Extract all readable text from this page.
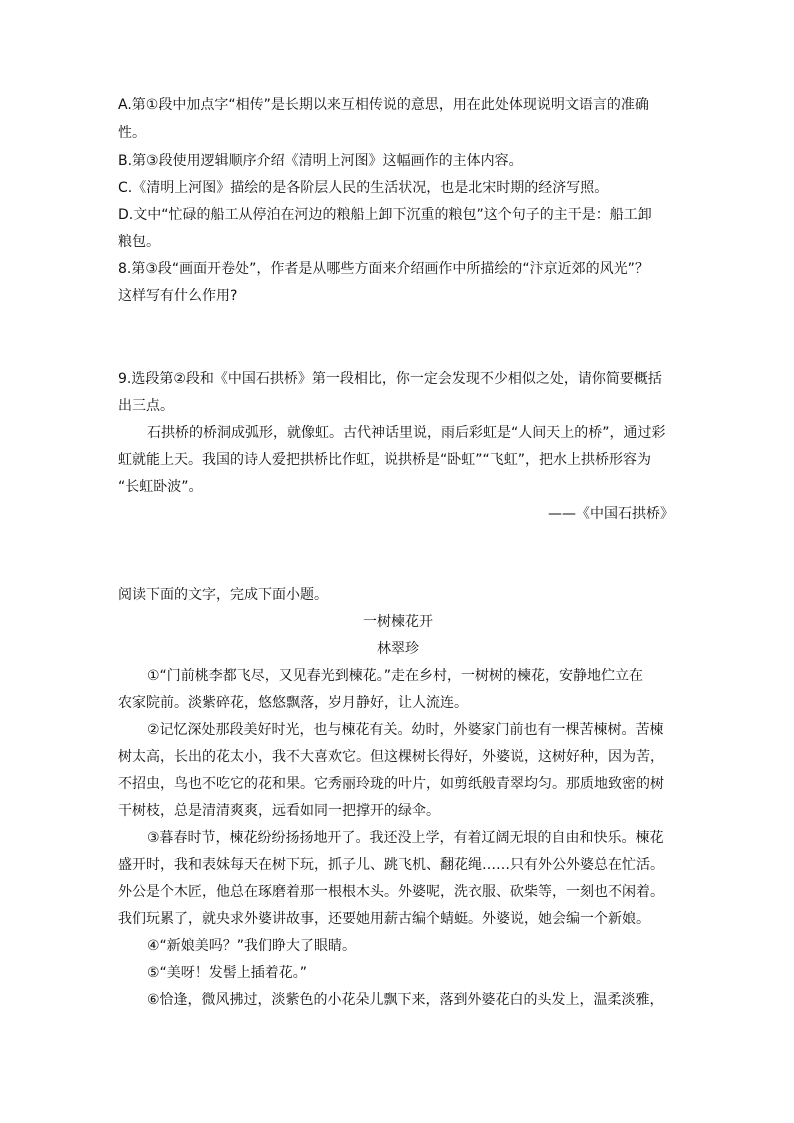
A.第①段中加点字“相传”是长期以来互相传说的意思，用在此处体现说明文语言的准确
性。
B.第③段使用逻辑顺序介绍《清明上河图》这幅画作的主体内容。
C.《清明上河图》描绘的是各阶层人民的生活状况，也是北宋时期的经济写照。
D.文中“忙碌的船工从停泊在河边的粮船上卸下沉重的粮包”这个句子的主干是：船工卸
粮包。
8.第③段“画面开卷处”，作者是从哪些方面来介绍画作中所描绘的“汴京近郊的风光”？
这样写有什么作用?
9.选段第②段和《中国石拱桥》第一段相比，你一定会发现不少相似之处，请你简要概括
出三点。
石拱桥的桥洞成弧形，就像虹。古代神话里说，雨后彩虹是“人间天上的桥”，通过彩
虹就能上天。我国的诗人爱把拱桥比作虹，说拱桥是“卧虹”“飞虹”，把水上拱桥形容为
“长虹卧波”。
——《中国石拱桥》
阅读下面的文字，完成下面小题。
一树楝花开
林翠珍
①“门前桃李都飞尽，又见春光到楝花。”走在乡村，一树树的楝花，安静地伫立在
农家院前。淡紫碎花，悠悠飘落，岁月静好，让人流连。
②记忆深处那段美好时光，也与楝花有关。幼时，外婆家门前也有一棵苦楝树。苦楝
树太高，长出的花太小，我不大喜欢它。但这棵树长得好，外婆说，这树好种，因为苦，
不招虫，鸟也不吃它的花和果。它秀丽玲珑的叶片，如剪纸般青翠均匀。那质地致密的树
干树枝，总是清清爽爽，远看如同一把撑开的绿伞。
③暮春时节，楝花纷纷扬扬地开了。我还没上学，有着辽阔无垠的自由和快乐。楝花
盛开时，我和表妹每天在树下玩，抓子儿、跳飞机、翻花绳……只有外公外婆总在忙活。
外公是个木匠，他总在琢磨着那一根根木头。外婆呢，洗衣服、砍柴等，一刻也不闲着。
我们玩累了，就央求外婆讲故事，还要她用薪古编个蜻蜓。外婆说，她会编一个新娘。
④“新娘美吗？”我们睁大了眼睛。
⑤“美呀！发髻上插着花。”
⑥恰逢，微风拂过，淡紫色的小花朵儿飘下来，落到外婆花白的头发上，温柔淡雅，
